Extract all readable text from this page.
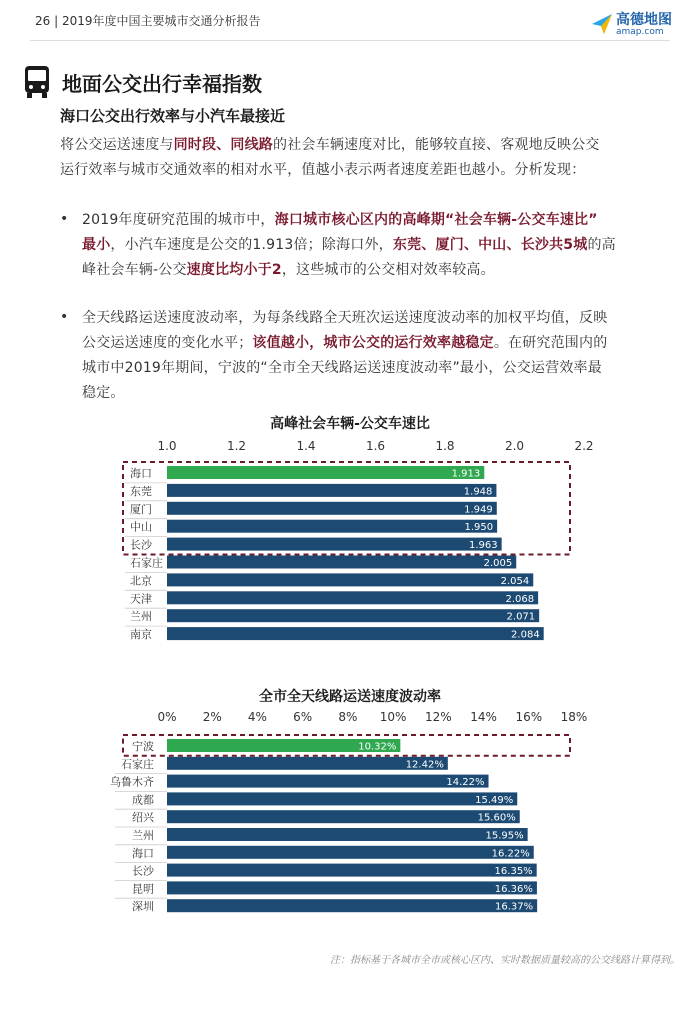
26 | 2019年度中国主要城市交通分析报告	高德地图
amap.com
地面公交出行幸福指数
海口公交出行效率与小汽车最接近
将公交运送速度与同时段、同线路的社会车辆速度对比，能够较直接、客观地反映公交
运行效率与城市交通效率的相对水平，值越小表示两者速度差距也越小。分析发现：
• 2019年度研究范围的城市中，海口城市核心区内的高峰期“社会车辆-公交车速比”
最小，小汽车速度是公交的1.913倍；除海口外，东莞、厦门、中山、长沙共5城的高
峰社会车辆-公交速度比均小于2，这些城市的公交相对效率较高。
• 全天线路运送速度波动率，为每条线路全天班次运送速度波动率的加权平均值，反映
公交运送速度的变化水平；该值越小，城市公交的运行效率越稳定。在研究范围内的
城市中2019年期间，宁波的“全市全天线路运送速度波动率”最小，公交运营效率最
稳定。
高峰社会车辆-公交车速比
1.0	1.2	1.4	1.6	1.8	2.0	2.2
海口	1.913
东莞	1.948
厦门	1.949
中山	1.950
长沙	1.963
石家庄	2.005
北京	2.054
天津	2.068
兰州	2.071
南京	2.084
全市全天线路运送速度波动率
0% 2% 4% 6% 8% 10% 12% 14% 16% 18%
宁波	10.32%
石家庄	12.42%
乌鲁木齐	14.22%
成都	15.49%
绍兴	15.60%
兰州	15.95%
海口	16.22%
长沙	16.35%
昆明	16.36%
深圳	16.37%
注：指标基于各城市全市或核心区内、实时数据质量较高的公交线路计算得到。
